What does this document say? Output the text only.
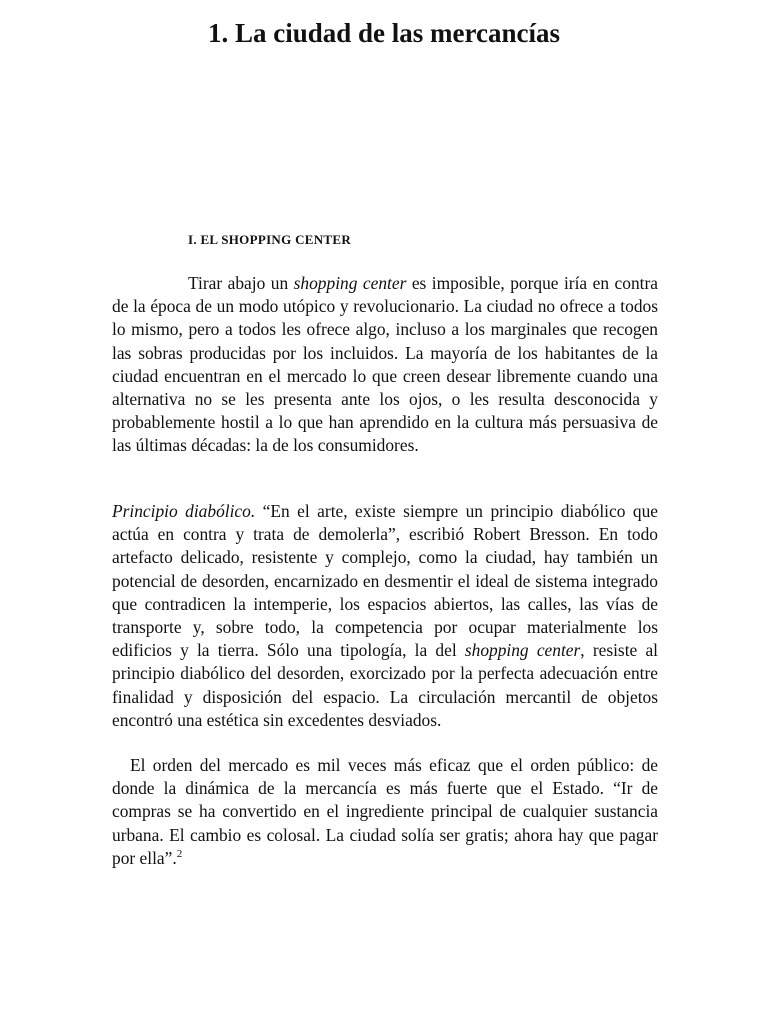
1. La ciudad de las mercancías
I. EL SHOPPING CENTER

Tirar abajo un shopping center es imposible, porque iría en contra de la época de un modo utópico y revolucionario. La ciudad no ofrece a todos lo mismo, pero a todos les ofrece algo, incluso a los marginales que recogen las sobras producidas por los incluidos. La mayoría de los habitantes de la ciudad encuentran en el mercado lo que creen desear libremente cuando una alternativa no se les presenta ante los ojos, o les resulta desconocida y probablemente hostil a lo que han aprendido en la cultura más persuasiva de las últimas décadas: la de los consumidores.

Principio diabólico. “En el arte, existe siempre un principio diabólico que actúa en contra y trata de demolerla”, escribió Robert Bresson. En todo artefacto delicado, resistente y complejo, como la ciudad, hay también un potencial de desorden, encarnizado en desmentir el ideal de sistema integrado que contradicen la intemperie, los espacios abiertos, las calles, las vías de transporte y, sobre todo, la competencia por ocupar materialmente los edificios y la tierra. Sólo una tipología, la del shopping center, resiste al principio diabólico del desorden, exorcizado por la perfecta adecuación entre finalidad y disposición del espacio. La circulación mercantil de objetos encontró una estética sin excedentes desviados.

El orden del mercado es mil veces más eficaz que el orden público: de donde la dinámica de la mercancía es más fuerte que el Estado. “Ir de compras se ha convertido en el ingrediente principal de cualquier sustancia urbana. El cambio es colosal. La ciudad solía ser gratis; ahora hay que pagar por ella”.$^2$
